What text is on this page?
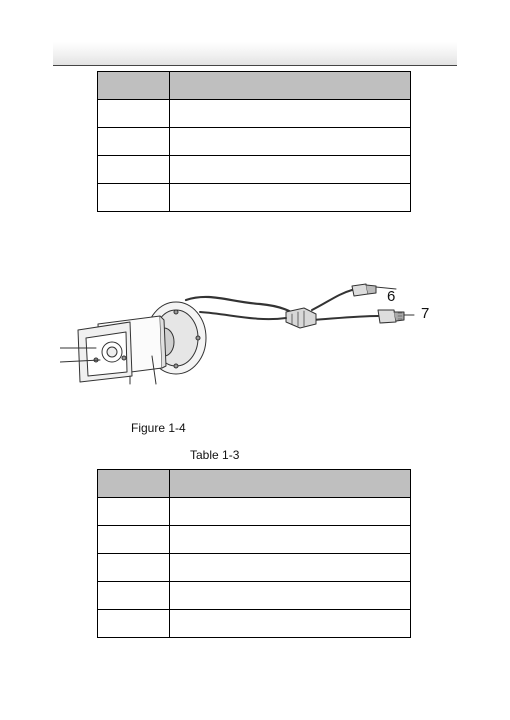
6
7
Figure 1-4
Table 1-3
